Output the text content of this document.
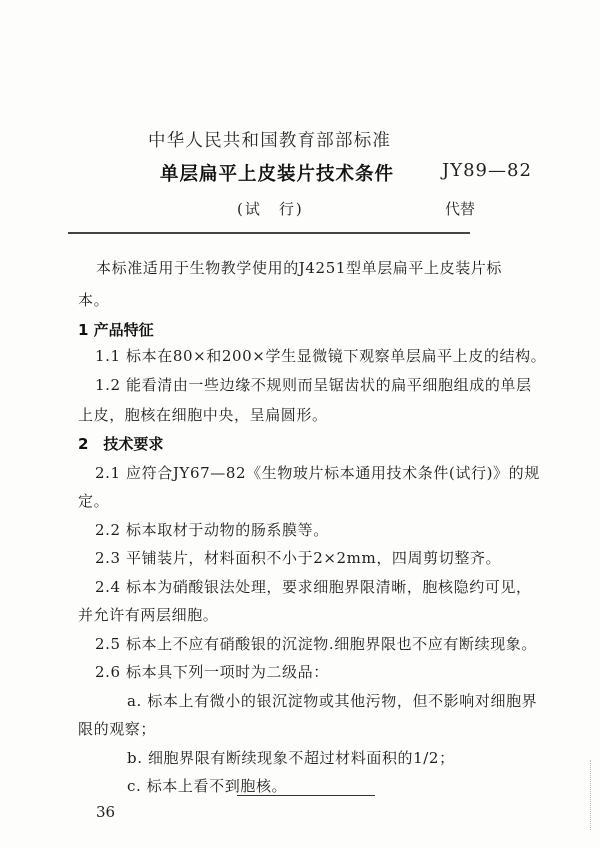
中华人民共和国教育部部标准
单层扁平上皮装片技术条件	JY89—82
(试　行)	代替
本标准适用于生物教学使用的J4251型单层扁平上皮装片标
本。
1 产品特征
1.1 标本在80×和200×学生显微镜下观察单层扁平上皮的结构。
1.2 能看清由一些边缘不规则而呈锯齿状的扁平细胞组成的单层
上皮，胞核在细胞中央，呈扁圆形。
2　技术要求
2.1 应符合JY67—82《生物玻片标本通用技术条件(试行)》的规
定。
2.2 标本取材于动物的肠系膜等。
2.3 平铺装片，材料面积不小于2×2mm，四周剪切整齐。
2.4 标本为硝酸银法处理，要求细胞界限清晰，胞核隐约可见，
并允许有两层细胞。
2.5 标本上不应有硝酸银的沉淀物.细胞界限也不应有断续现象。
2.6 标本具下列一项时为二级品：
a. 标本上有微小的银沉淀物或其他污物，但不影响对细胞界
限的观察；
b. 细胞界限有断续现象不超过材料面积的1/2；
c. 标本上看不到胞核。
36
